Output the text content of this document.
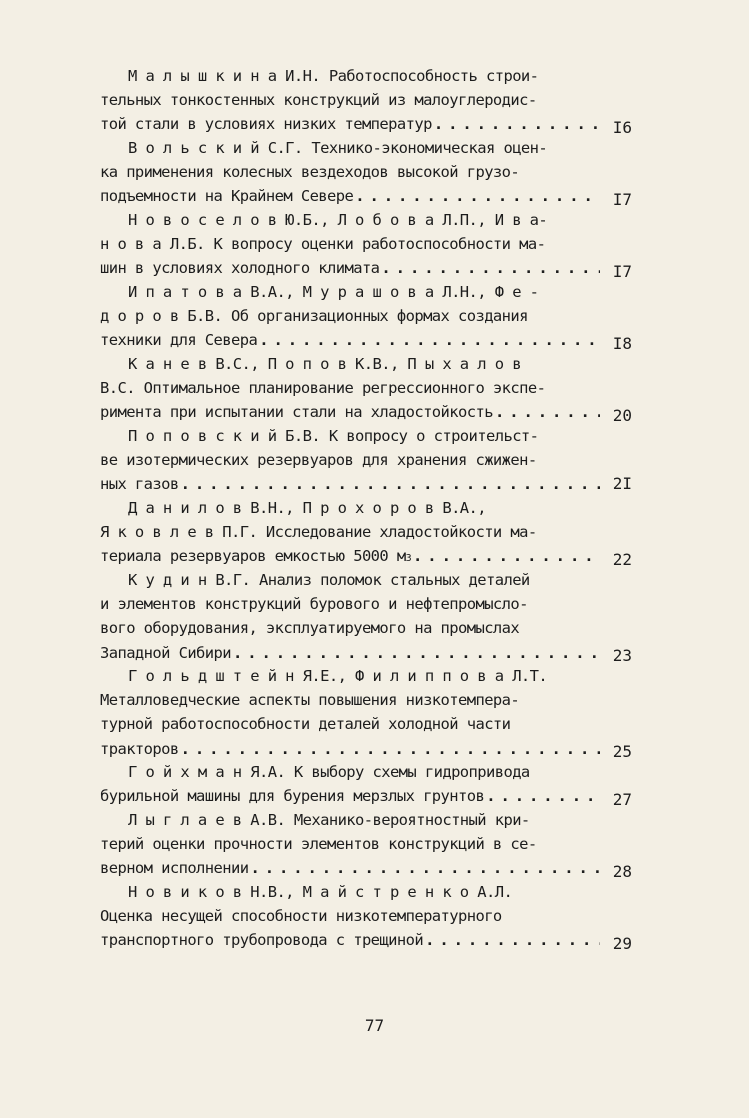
М а л ы ш к и н а И.Н. Работоспособность строи-
тельных тонкостенных конструкций из малоуглеродис-
той стали в условиях низких температур . . .	I6
В о л ь с к и й С.Г. Технико-экономическая оцен-
ка применения колесных вездеходов высокой грузо-
подъемности на Крайнем Севере . . .	I7
Н о в о с е л о в Ю.Б., Л о б о в а Л.П., И в а-
н о в а Л.Б. К вопросу оценки работоспособности ма-
шин в условиях холодного климата . . .	I7
И п а т о в а В.А., М у р а ш о в а Л.Н., Ф е -
д о р о в Б.В. Об организационных формах создания
техники для Севера . . .	I8
К а н е в В.С., П о п о в К.В., П ы х а л о в
В.С. Оптимальное планирование регрессионного экспе-
римента при испытании стали на хладостойкость . . .	20
П о п о в с к и й Б.В. К вопросу о строительст-
ве изотермических резервуаров для хранения сжижен-
ных газов . . .	2I
Д а н и л о в В.Н., П р о х о р о в В.А.,
Я к о в л е в П.Г. Исследование хладостойкости ма-
териала резервуаров емкостью 5000 м 3 . . .	22
К у д и н В.Г. Анализ поломок стальных деталей
и элементов конструкций бурового и нефтепромысло-
вого оборудования, эксплуатируемого на промыслах
Западной Сибири . . .	23
Г о л ь д ш т е й н Я.Е., Ф и л и п п о в а Л.Т.
Металловедческие аспекты повышения низкотемпера-
турной работоспособности деталей холодной части
тракторов . . .	25
Г о й х м а н Я.А. К выбору схемы гидропривода
бурильной машины для бурения мерзлых грунтов . . .	27
Л ы г л а е в А.В. Механико-вероятностный кри-
терий оценки прочности элементов конструкций в се-
верном исполнении . . .	28
Н о в и к о в Н.В., М а й с т р е н к о А.Л.
Оценка несущей способности низкотемпературного
транспортного трубопровода с трещиной . . .	29
77
